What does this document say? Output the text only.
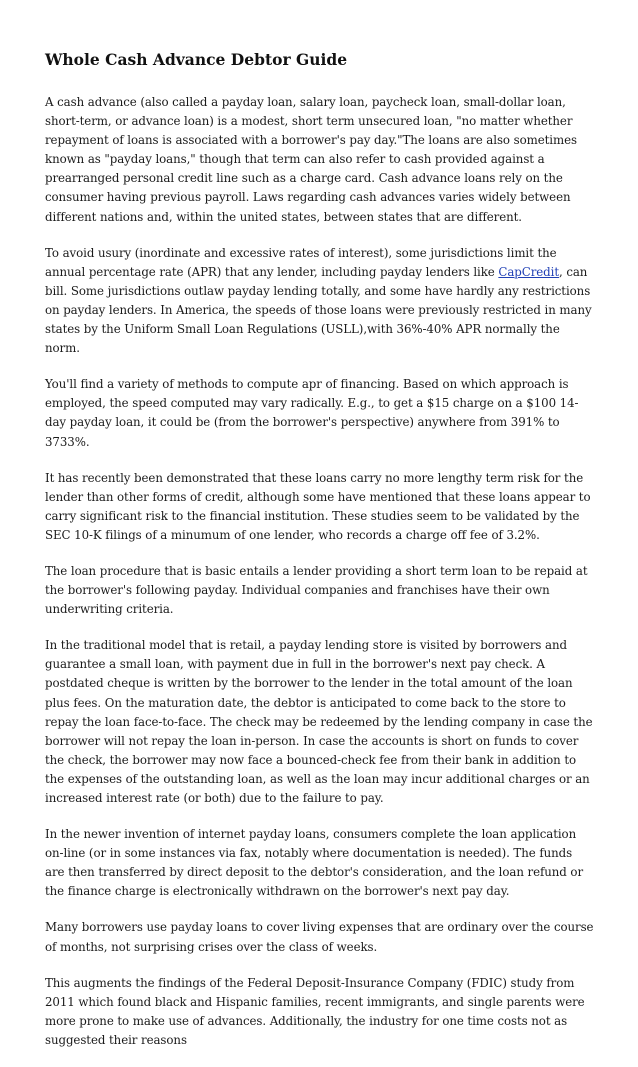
Whole Cash Advance Debtor Guide

A cash advance (also called a payday loan, salary loan, paycheck loan, small-dollar loan, short-term, or advance loan) is a modest, short term unsecured loan, "no matter whether repayment of loans is associated with a borrower's pay day."The loans are also sometimes known as "payday loans," though that term can also refer to cash provided against a prearranged personal credit line such as a charge card. Cash advance loans rely on the consumer having previous payroll. Laws regarding cash advances varies widely between different nations and, within the united states, between states that are different.

To avoid usury (inordinate and excessive rates of interest), some jurisdictions limit the annual percentage rate (APR) that any lender, including payday lenders like CapCredit, can bill. Some jurisdictions outlaw payday lending totally, and some have hardly any restrictions on payday lenders. In America, the speeds of those loans were previously restricted in many states by the Uniform Small Loan Regulations (USLL),with 36%-40% APR normally the norm.

You'll find a variety of methods to compute apr of financing. Based on which approach is employed, the speed computed may vary radically. E.g., to get a $15 charge on a $100 14-day payday loan, it could be (from the borrower's perspective) anywhere from 391% to 3733%.

It has recently been demonstrated that these loans carry no more lengthy term risk for the lender than other forms of credit, although some have mentioned that these loans appear to carry significant risk to the financial institution. These studies seem to be validated by the SEC 10-K filings of a minumum of one lender, who records a charge off fee of 3.2%.

The loan procedure that is basic entails a lender providing a short term loan to be repaid at the borrower's following payday. Individual companies and franchises have their own underwriting criteria.

In the traditional model that is retail, a payday lending store is visited by borrowers and guarantee a small loan, with payment due in full in the borrower's next pay check. A postdated cheque is written by the borrower to the lender in the total amount of the loan plus fees. On the maturation date, the debtor is anticipated to come back to the store to repay the loan face-to-face. The check may be redeemed by the lending company in case the borrower will not repay the loan in-person. In case the accounts is short on funds to cover the check, the borrower may now face a bounced-check fee from their bank in addition to the expenses of the outstanding loan, as well as the loan may incur additional charges or an increased interest rate (or both) due to the failure to pay.

In the newer invention of internet payday loans, consumers complete the loan application on-line (or in some instances via fax, notably where documentation is needed). The funds are then transferred by direct deposit to the debtor's consideration, and the loan refund or the finance charge is electronically withdrawn on the borrower's next pay day.

Many borrowers use payday loans to cover living expenses that are ordinary over the course of months, not surprising crises over the class of weeks.

This augments the findings of the Federal Deposit-Insurance Company (FDIC) study from 2011 which found black and Hispanic families, recent immigrants, and single parents were more prone to make use of advances. Additionally, the industry for one time costs not as suggested their reasons
